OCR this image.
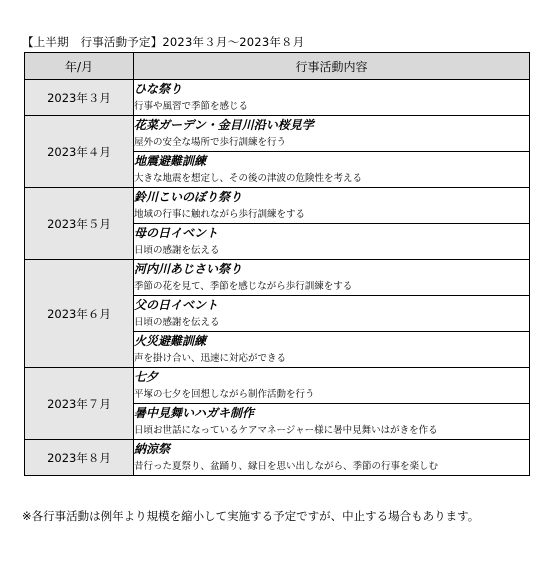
【上半期　行事活動予定】2023年３月～2023年８月
年/月	行事活動内容
2023年３月	ひな祭り
行事や風習で季節を感じる

2023年４月	花菜ガーデン・金目川沿い桜見学
屋外の安全な場所で歩行訓練を行う

	地震避難訓練
大きな地震を想定し、その後の津波の危険性を考える

2023年５月	鈴川こいのぼり祭り
地域の行事に触れながら歩行訓練をする

	母の日イベント
日頃の感謝を伝える

2023年６月	河内川あじさい祭り
季節の花を見て、季節を感じながら歩行訓練をする

	父の日イベント
日頃の感謝を伝える

	火災避難訓練
声を掛け合い、迅速に対応ができる

2023年７月	七夕
平塚の七夕を回想しながら制作活動を行う

	暑中見舞いハガキ制作
日頃お世話になっているケアマネージャー様に暑中見舞いはがきを作る

2023年８月	納涼祭
昔行った夏祭り、盆踊り、縁日を思い出しながら、季節の行事を楽しむ
※各行事活動は例年より規模を縮小して実施する予定ですが、中止する場合もあります。
